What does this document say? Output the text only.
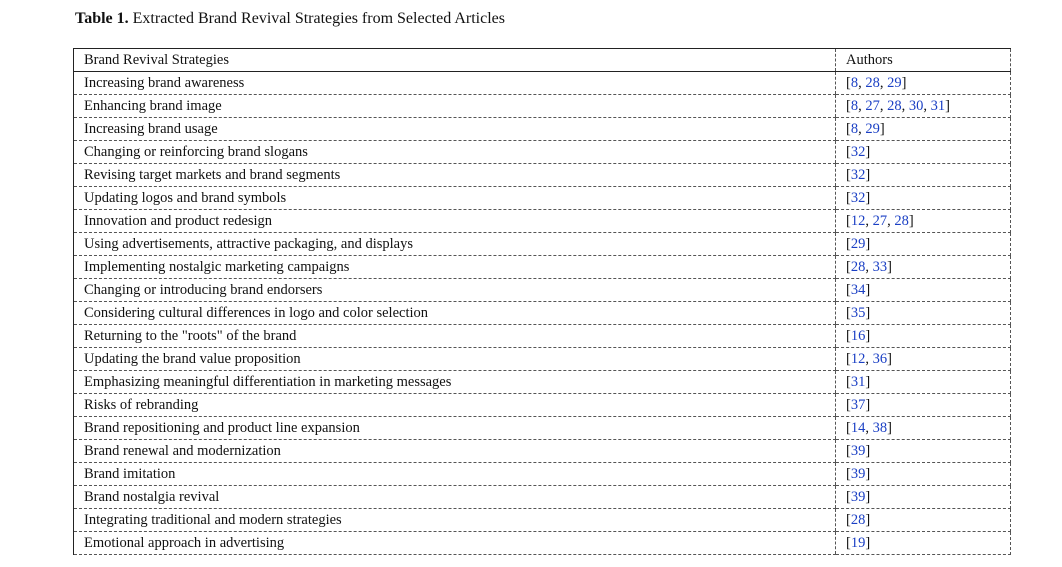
Table 1. Extracted Brand Revival Strategies from Selected Articles
Brand Revival Strategies	Authors
Increasing brand awareness	[8, 28, 29]
Enhancing brand image	[8, 27, 28, 30, 31]
Increasing brand usage	[8, 29]
Changing or reinforcing brand slogans	[32]
Revising target markets and brand segments	[32]
Updating logos and brand symbols	[32]
Innovation and product redesign	[12, 27, 28]
Using advertisements, attractive packaging, and displays	[29]
Implementing nostalgic marketing campaigns	[28, 33]
Changing or introducing brand endorsers	[34]
Considering cultural differences in logo and color selection	[35]
Returning to the "roots" of the brand	[16]
Updating the brand value proposition	[12, 36]
Emphasizing meaningful differentiation in marketing messages	[31]
Risks of rebranding	[37]
Brand repositioning and product line expansion	[14, 38]
Brand renewal and modernization	[39]
Brand imitation	[39]
Brand nostalgia revival	[39]
Integrating traditional and modern strategies	[28]
Emotional approach in advertising	[19]
